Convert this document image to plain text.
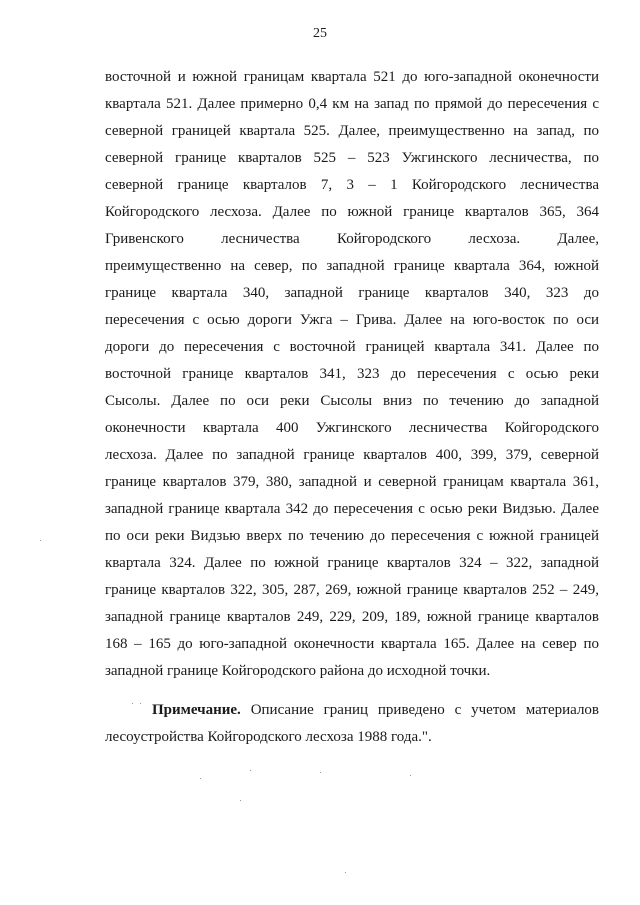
25
восточной и южной границам квартала 521 до юго-западной оконечности
квартала 521. Далее примерно 0,4 км на запад по прямой до пересечения с
северной границей квартала 525. Далее, преимущественно на запад, по
северной границе кварталов 525 – 523 Ужгинского лесничества, по
северной границе кварталов 7, 3 – 1 Койгородского лесничества
Койгородского лесхоза. Далее по южной границе кварталов 365, 364
Гривенского лесничества Койгородского лесхоза. Далее,
преимущественно на север, по западной границе квартала 364, южной
границе квартала 340, западной границе кварталов 340, 323 до
пересечения с осью дороги Ужга – Грива. Далее на юго-восток по оси
дороги до пересечения с восточной границей квартала 341. Далее по
восточной границе кварталов 341, 323 до пересечения с осью реки
Сысолы. Далее по оси реки Сысолы вниз по течению до западной
оконечности квартала 400 Ужгинского лесничества Койгородского
лесхоза. Далее по западной границе кварталов 400, 399, 379, северной
границе кварталов 379, 380, западной и северной границам квартала 361,
западной границе квартала 342 до пересечения с осью реки Видзью. Далее
по оси реки Видзью вверх по течению до пересечения с южной границей
квартала 324. Далее по южной границе кварталов 324 – 322, западной
границе кварталов 322, 305, 287, 269, южной границе кварталов 252 – 249,
западной границе кварталов 249, 229, 209, 189, южной границе кварталов
168 – 165 до юго-западной оконечности квартала 165. Далее на север по
западной границе Койгородского района до исходной точки.
Примечание. Описание границ приведено с учетом материалов
лесоустройства Койгородского лесхоза 1988 года.".
